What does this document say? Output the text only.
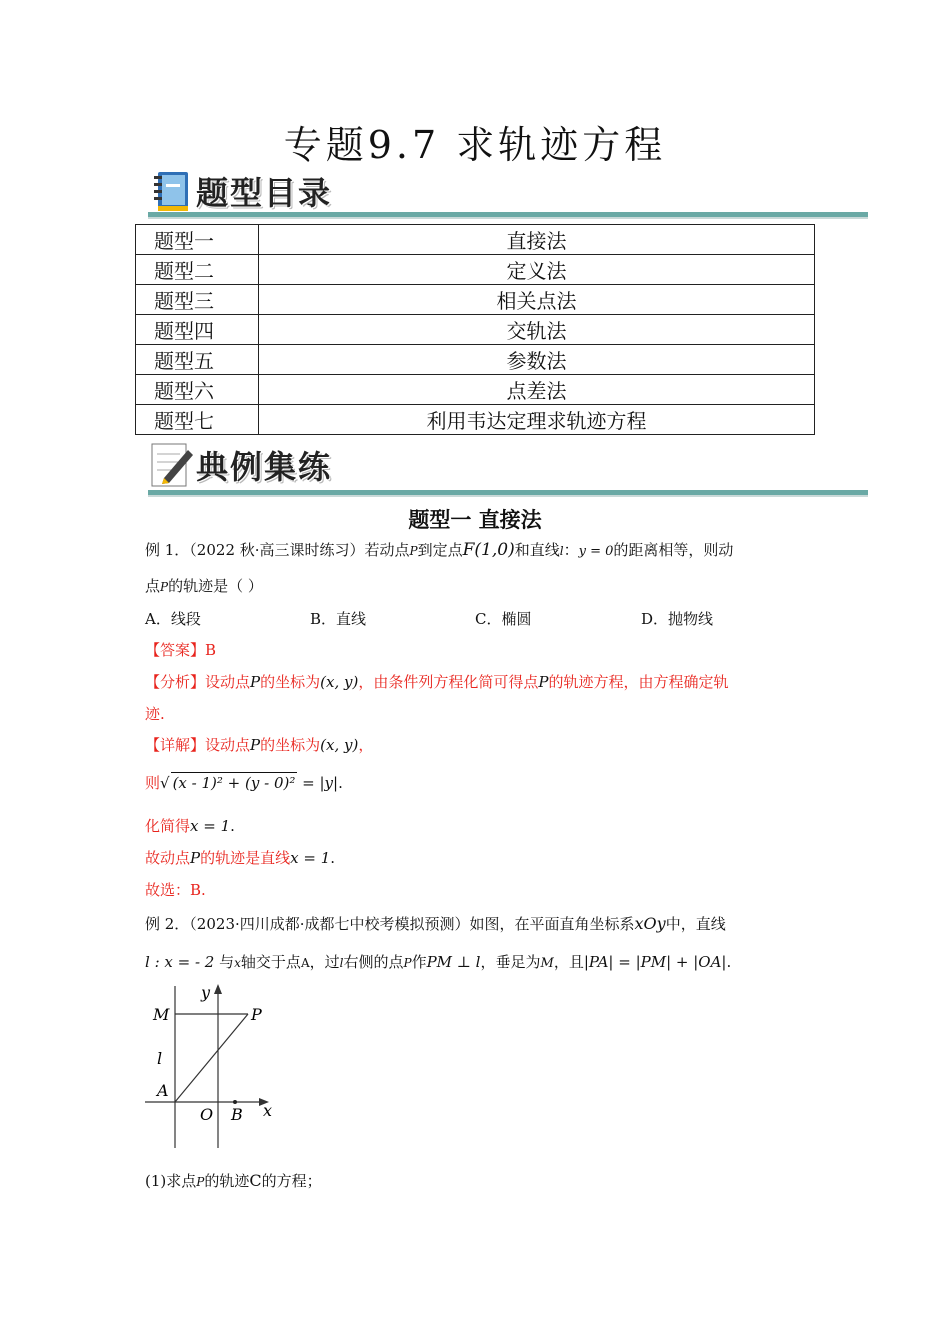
专题9.7 求轨迹方程
题型目录
题型一	直接法
题型二	定义法
题型三	相关点法
题型四	交轨法
题型五	参数法
题型六	点差法
题型七	利用韦达定理求轨迹方程
典例集练
题型一 直接法
例 1．（2022 秋·高三课时练习）若动点P到定点F(1,0)和直线l：y = 0的距离相等，则动
点P的轨迹是（ ）
A．线段	B．直线	C．椭圆	D．抛物线
【答案】B
【分析】设动点P的坐标为(x, y)，由条件列方程化简可得点P的轨迹方程，由方程确定轨
迹.
【详解】设动点P的坐标为(x, y)，
则√ (x - 1)² + (y - 0)² = |y|.
化简得x = 1.
故动点P的轨迹是直线x = 1.
故选：B.
例 2．（2023·四川成都·成都七中校考模拟预测）如图，在平面直角坐标系xOy中，直线
l : x = - 2 与x轴交于点A，过l右侧的点P作PM ⊥ l，垂足为M，且|PA| = |PM| + |OA|.
y
M	P
l
A
O B x
(1)求点P的轨迹C的方程；
